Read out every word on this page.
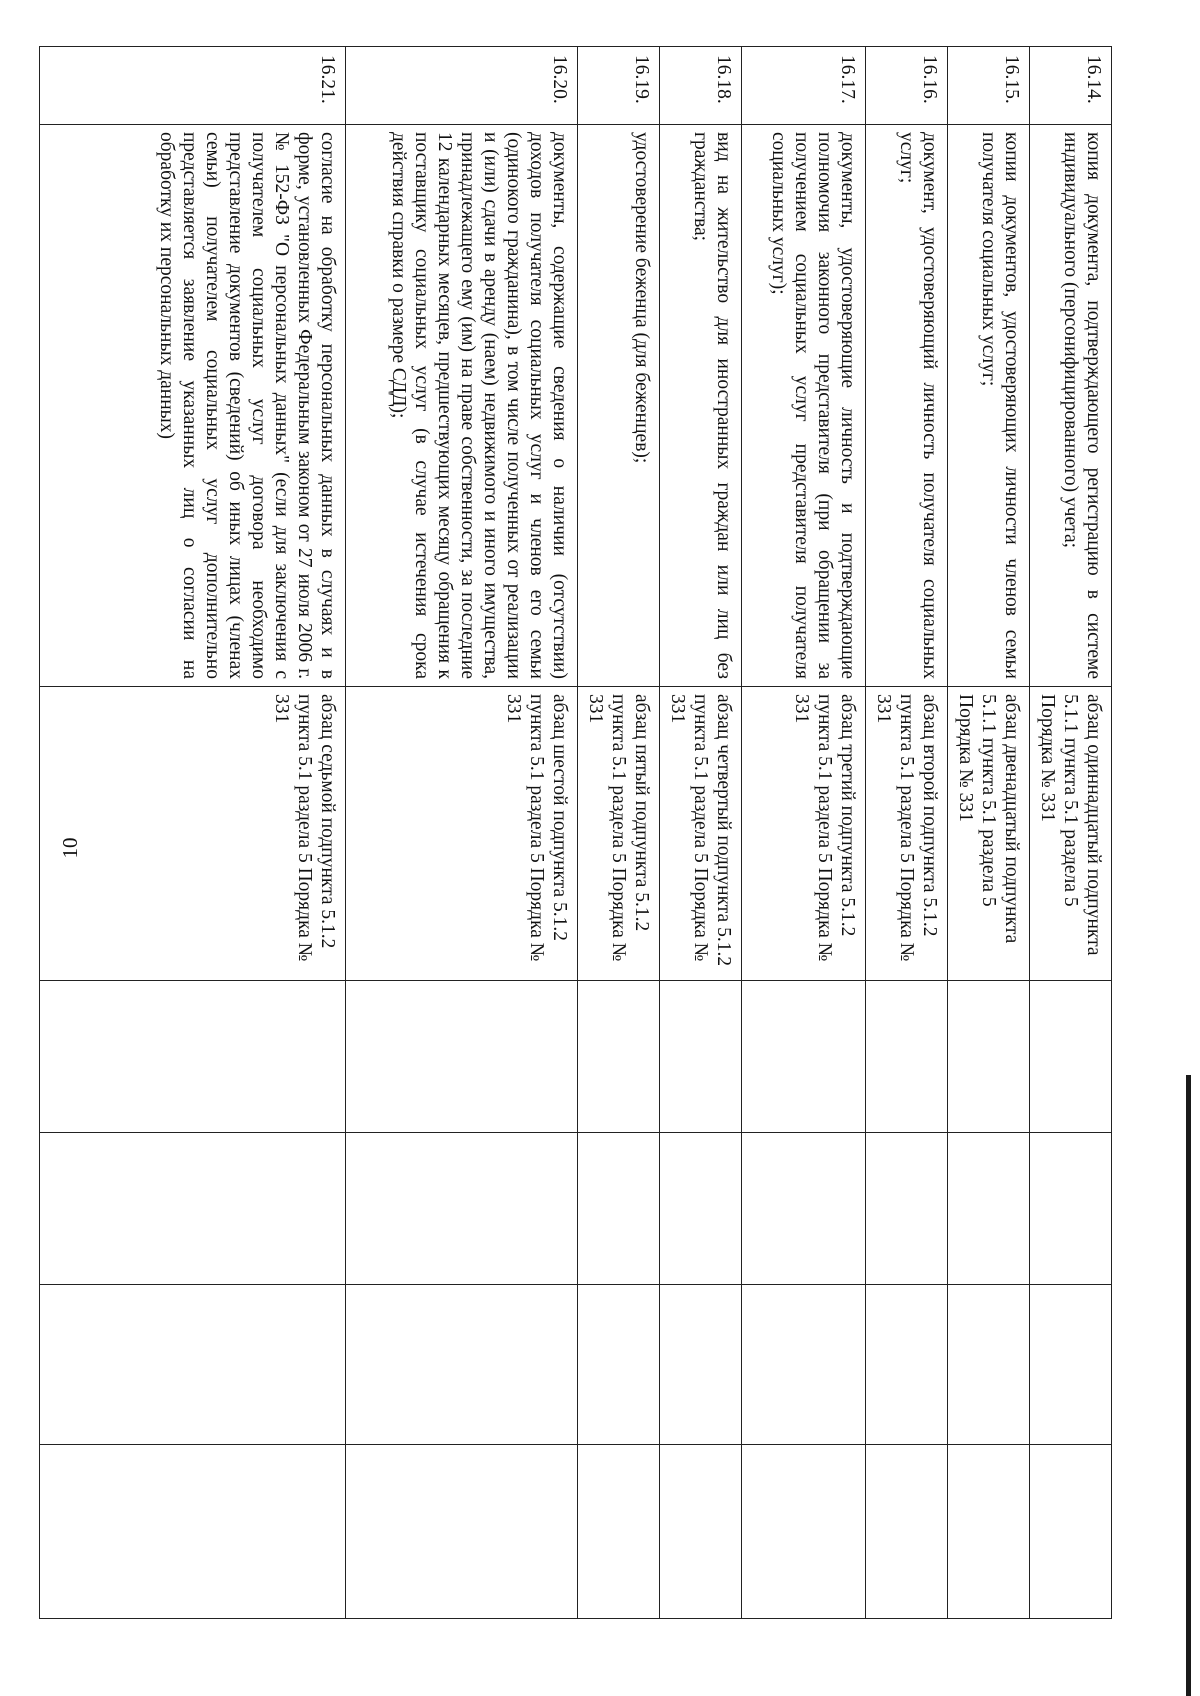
10
16.14.	копия документа, подтверждающего регистрацию в системе индивидуального (персонифицированного) учета;	абзац одиннадцатый подпункта 5.1.1 пункта 5.1 раздела 5 Порядка № 331				
16.15.	копии документов, удостоверяющих личности членов семьи получателя социальных услуг;	абзац двенадцатый подпункта 5.1.1 пункта 5.1 раздела 5 Порядка № 331				
16.16.	документ, удостоверяющий личность получателя социальных услуг;	абзац второй подпункта 5.1.2 пункта 5.1 раздела 5 Порядка № 331				
16.17.	документы, удостоверяющие личность и подтверждающие полномочия законного представителя (при обращении за получением социальных услуг представителя получателя социальных услуг);	абзац третий подпункта 5.1.2 пункта 5.1 раздела 5 Порядка № 331				
16.18.	вид на жительство для иностранных граждан или лиц без гражданства;	абзац четвертый подпункта 5.1.2 пункта 5.1 раздела 5 Порядка № 331				
16.19.	удостоверение беженца (для беженцев);	абзац пятый подпункта 5.1.2 пункта 5.1 раздела 5 Порядка № 331				
16.20.	документы, содержащие сведения о наличии (отсутствии) доходов получателя социальных услуг и членов его семьи (одинокого гражданина), в том числе полученных от реализации и (или) сдачи в аренду (наем) недвижимого и иного имущества, принадлежащего ему (им) на праве собственности, за последние 12 календарных месяцев, предшествующих месяцу обращения к поставщику социальных услуг (в случае истечения срока действия справки о размере СДД);	абзац шестой подпункта 5.1.2 пункта 5.1 раздела 5 Порядка № 331				
16.21.	согласие на обработку персональных данных в случаях и в форме, установленных Федеральным законом от 27 июля 2006 г. № 152-ФЗ "О персональных данных" (если для заключения с получателем социальных услуг договора необходимо представление документов (сведений) об иных лицах (членах семьи) получателем социальных услуг дополнительно представляется заявление указанных лиц о согласии на обработку их персональных данных)	абзац седьмой подпункта 5.1.2 пункта 5.1 раздела 5 Порядка № 331				
